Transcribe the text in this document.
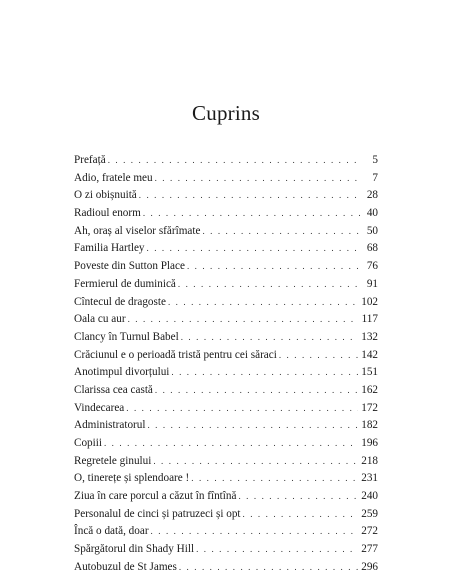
Cuprins
Prefață . . .	5
Adio, fratele meu . . .	7
O zi obișnuită . . .	28
Radioul enorm . . .	40
Ah, oraș al viselor sfărîmate . . .	50
Familia Hartley . . .	68
Poveste din Sutton Place . . .	76
Fermierul de duminică . . .	91
Cîntecul de dragoste . . .	102
Oala cu aur . . .	117
Clancy în Turnul Babel . . .	132
Crăciunul e o perioadă tristă pentru cei săraci . . .	142
Anotimpul divorțului . . .	151
Clarissa cea castă . . .	162
Vindecarea . . .	172
Administratorul . . .	182
Copiii . . .	196
Regretele ginului . . .	218
O, tinerețe și splendoare ! . . .	231
Ziua în care porcul a căzut în fîntînă . . .	240
Personalul de cinci și patruzeci și opt . . .	259
Încă o dată, doar . . .	272
Spărgătorul din Shady Hill . . .	277
Autobuzul de St James . . .	296
